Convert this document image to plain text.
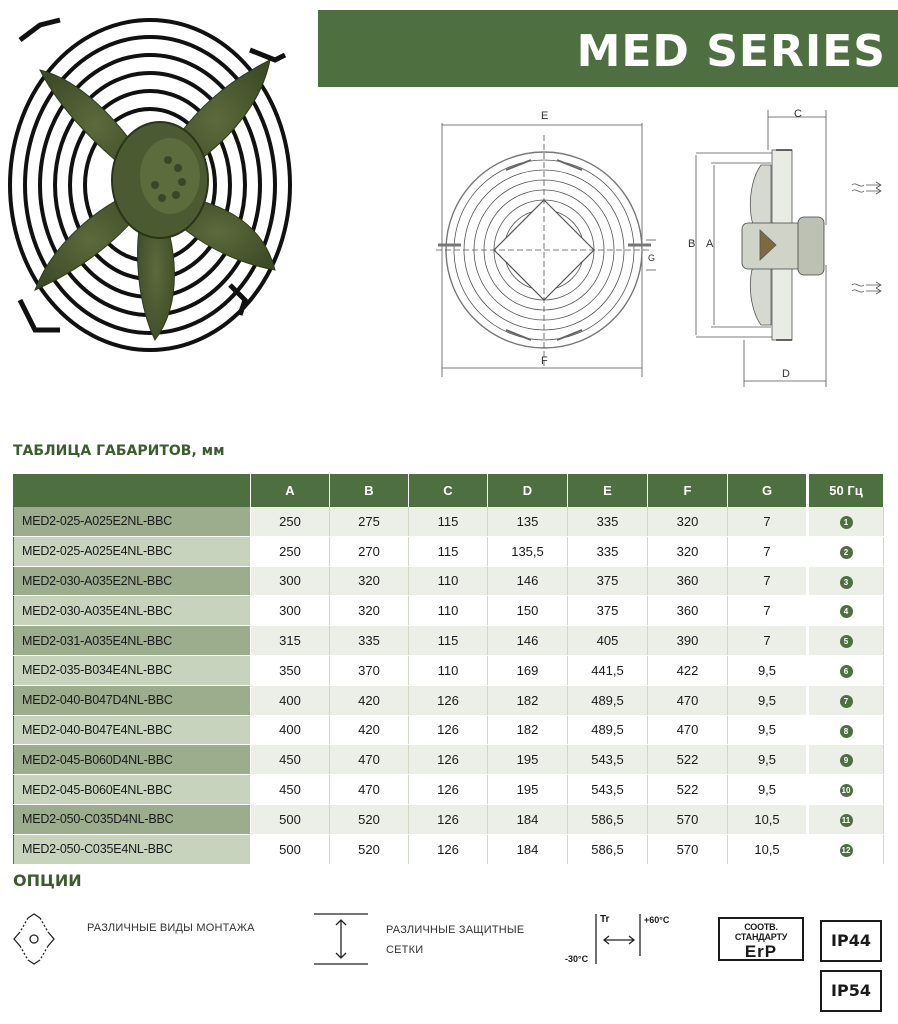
MED SERIES
E
F
G
C
B A
D
ТАБЛИЦА ГАБАРИТОВ, мм
	A	B	C	D	E	F	G	50 Гц
MED2-025-A025E2NL-BBC	250	275	115	135	335	320	7	1
MED2-025-A025E4NL-BBC	250	270	115	135,5	335	320	7	2
MED2-030-A035E2NL-BBC	300	320	110	146	375	360	7	3
MED2-030-A035E4NL-BBC	300	320	110	150	375	360	7	4
MED2-031-A035E4NL-BBC	315	335	115	146	405	390	7	5
MED2-035-B034E4NL-BBC	350	370	110	169	441,5	422	9,5	6
MED2-040-B047D4NL-BBC	400	420	126	182	489,5	470	9,5	7
MED2-040-B047E4NL-BBC	400	420	126	182	489,5	470	9,5	8
MED2-045-B060D4NL-BBC	450	470	126	195	543,5	522	9,5	9
MED2-045-B060E4NL-BBC	450	470	126	195	543,5	522	9,5	10
MED2-050-C035D4NL-BBC	500	520	126	184	586,5	570	10,5	11
MED2-050-C035E4NL-BBC	500	520	126	184	586,5	570	10,5	12
ОПЦИИ
РАЗЛИЧНЫЕ ВИДЫ МОНТАЖА	РАЗЛИЧНЫЕ ЗАЩИТНЫЕ
СЕТКИ
-30°C
+60°C
Tr
СООТВ. СТАНДАРТУ
ErP
IP44
IP54
